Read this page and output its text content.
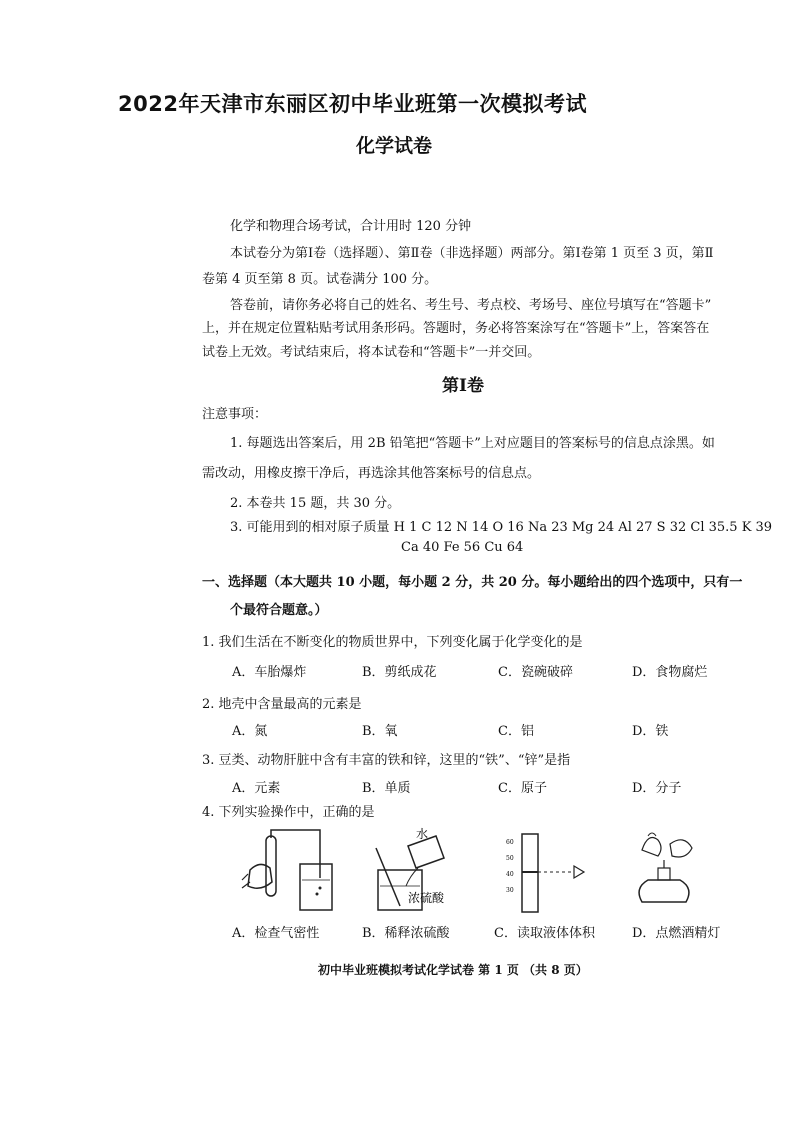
2022年天津市东丽区初中毕业班第一次模拟考试
化学试卷
化学和物理合场考试，合计用时 120 分钟
本试卷分为第Ⅰ卷（选择题）、第Ⅱ卷（非选择题）两部分。第Ⅰ卷第 1 页至 3 页，第Ⅱ
卷第 4 页至第 8 页。试卷满分 100 分。
答卷前，请你务必将自己的姓名、考生号、考点校、考场号、座位号填写在“答题卡”
上，并在规定位置粘贴考试用条形码。答题时，务必将答案涂写在“答题卡”上，答案答在
试卷上无效。考试结束后，将本试卷和“答题卡”一并交回。
第Ⅰ卷
注意事项：
1. 每题选出答案后，用 2B 铅笔把“答题卡”上对应题目的答案标号的信息点涂黑。如
需改动，用橡皮擦干净后，再选涂其他答案标号的信息点。
2. 本卷共 15 题，共 30 分。
3. 可能用到的相对原子质量 H 1 C 12 N 14 O 16 Na 23 Mg 24 Al 27 S 32 Cl 35.5 K 39
Ca 40 Fe 56 Cu 64
一、选择题（本大题共 10 小题，每小题 2 分，共 20 分。每小题给出的四个选项中，只有一
个最符合题意。）
1. 我们生活在不断变化的物质世界中，下列变化属于化学变化的是
A．车胎爆炸	B．剪纸成花	C．瓷碗破碎	D．食物腐烂
2. 地壳中含量最高的元素是
A．氮	B．氧	C．铝	D．铁
3. 豆类、动物肝脏中含有丰富的铁和锌，这里的“铁”、“锌”是指
A．元素	B．单质	C．原子	D．分子
4. 下列实验操作中，正确的是
水
浓硫酸
60
50
40
30
A．检查气密性	B．稀释浓硫酸	C．读取液体体积	D．点燃酒精灯
初中毕业班模拟考试化学试卷 第 1 页 （共 8 页）
